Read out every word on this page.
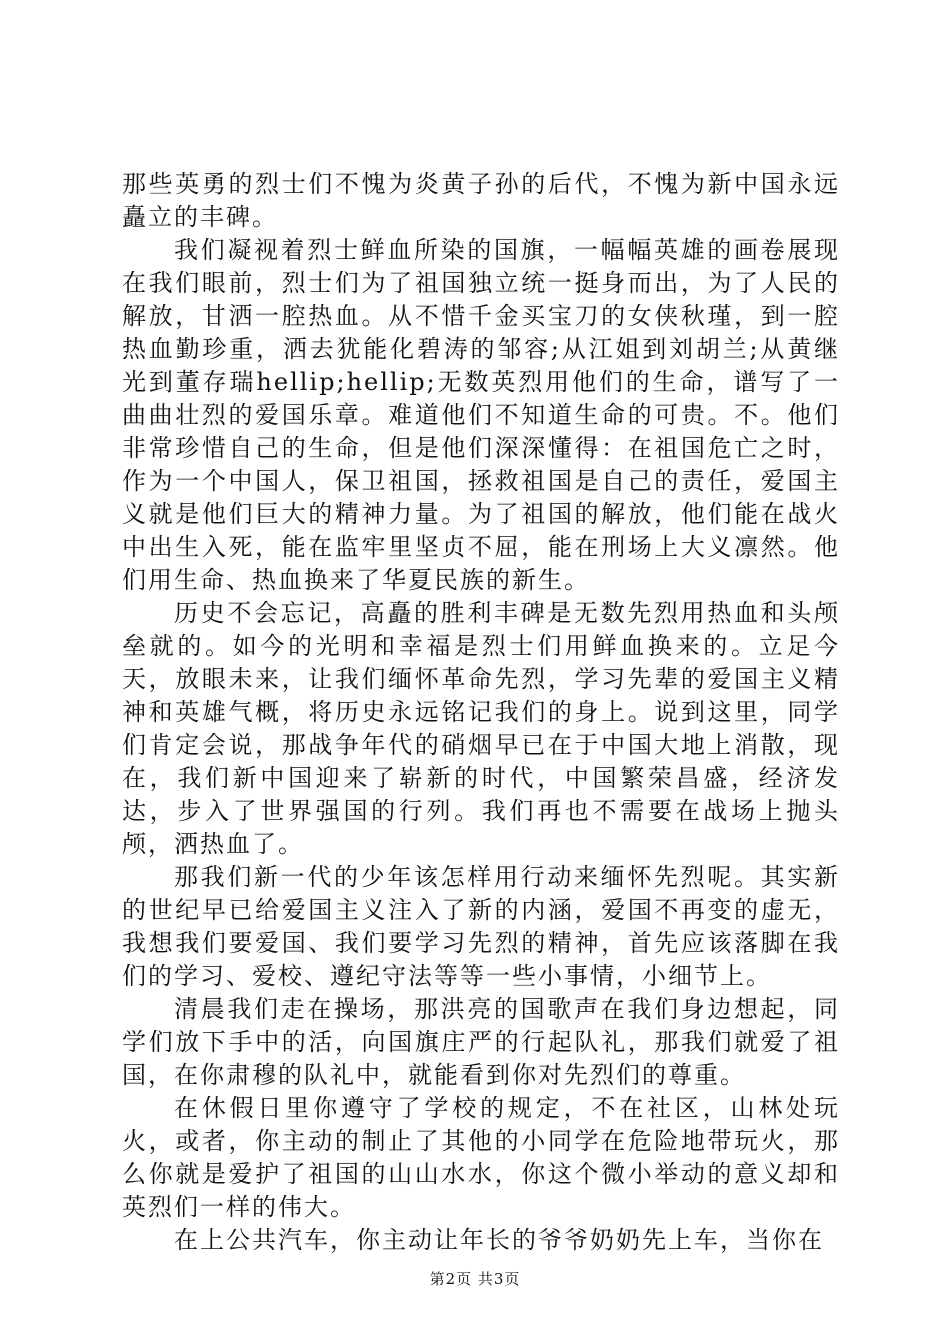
那些英勇的烈士们不愧为炎黄子孙的后代，不愧为新中国永远矗立的丰碑。

我们凝视着烈士鲜血所染的国旗，一幅幅英雄的画卷展现在我们眼前，烈士们为了祖国独立统一挺身而出，为了人民的解放，甘洒一腔热血。从不惜千金买宝刀的女侠秋瑾，到一腔热血勤珍重，洒去犹能化碧涛的邹容;从江姐到刘胡兰;从黄继光到董存瑞hellip;hellip;无数英烈用他们的生命，谱写了一曲曲壮烈的爱国乐章。难道他们不知道生命的可贵。不。他们非常珍惜自己的生命，但是他们深深懂得：在祖国危亡之时，作为一个中国人，保卫祖国，拯救祖国是自己的责任，爱国主义就是他们巨大的精神力量。为了祖国的解放，他们能在战火中出生入死，能在监牢里坚贞不屈，能在刑场上大义凛然。他们用生命、热血换来了华夏民族的新生。

历史不会忘记，高矗的胜利丰碑是无数先烈用热血和头颅垒就的。如今的光明和幸福是烈士们用鲜血换来的。立足今天，放眼未来，让我们缅怀革命先烈，学习先辈的爱国主义精神和英雄气概，将历史永远铭记我们的身上。说到这里，同学们肯定会说，那战争年代的硝烟早已在于中国大地上消散，现在，我们新中国迎来了崭新的时代，中国繁荣昌盛，经济发达，步入了世界强国的行列。我们再也不需要在战场上抛头颅，洒热血了。

那我们新一代的少年该怎样用行动来缅怀先烈呢。其实新的世纪早已给爱国主义注入了新的内涵，爱国不再变的虚无，我想我们要爱国、我们要学习先烈的精神，首先应该落脚在我们的学习、爱校、遵纪守法等等一些小事情，小细节上。

清晨我们走在操场，那洪亮的国歌声在我们身边想起，同学们放下手中的活，向国旗庄严的行起队礼，那我们就爱了祖国，在你肃穆的队礼中，就能看到你对先烈们的尊重。

在休假日里你遵守了学校的规定，不在社区，山林处玩火，或者，你主动的制止了其他的小同学在危险地带玩火，那么你就是爱护了祖国的山山水水，你这个微小举动的意义却和英烈们一样的伟大。

在上公共汽车，你主动让年长的爷爷奶奶先上车，当你在

第2页 共3页
